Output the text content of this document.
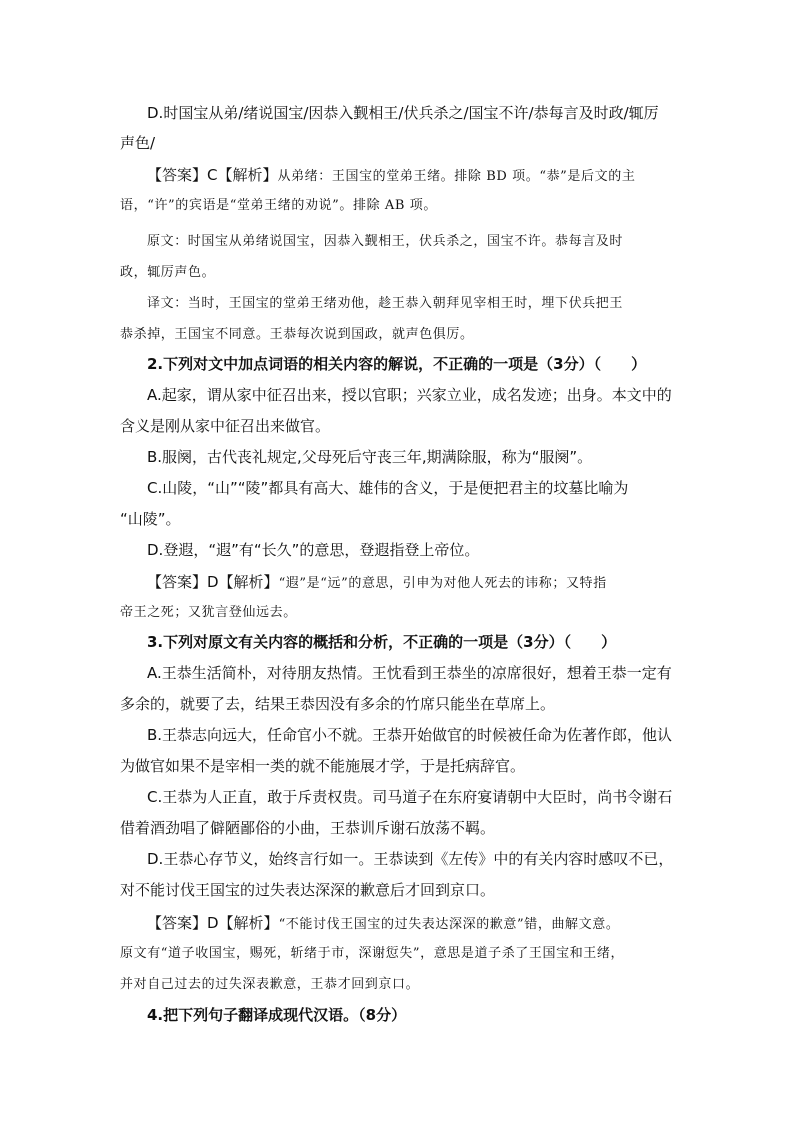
D.时国宝从弟/绪说国宝/因恭入觐相王/伏兵杀之/国宝不许/恭每言及时政/辄厉
声色/
【答案】C【解析】从弟绪：王国宝的堂弟王绪。排除 BD 项。“恭”是后文的主
语，“许”的宾语是“堂弟王绪的劝说”。排除 AB 项。
原文：时国宝从弟绪说国宝，因恭入觐相王，伏兵杀之，国宝不许。恭每言及时
政，辄厉声色。
译文：当时，王国宝的堂弟王绪劝他，趁王恭入朝拜见宰相王时，埋下伏兵把王
恭杀掉，王国宝不同意。王恭每次说到国政，就声色俱厉。
2.下列对文中加点词语的相关内容的解说，不正确的一项是（3分）（　　）
A.起家，谓从家中征召出来，授以官职；兴家立业，成名发迹；出身。本文中的
含义是刚从家中征召出来做官。
B.服阕，古代丧礼规定,父母死后守丧三年,期满除服，称为“服阕”。
C.山陵，“山”“陵”都具有高大、雄伟的含义，于是便把君主的坟墓比喻为
“山陵”。
D.登遐，“遐”有“长久”的意思，登遐指登上帝位。
【答案】D【解析】“遐”是“远”的意思，引申为对他人死去的讳称；又特指
帝王之死；又犹言登仙远去。
3.下列对原文有关内容的概括和分析，不正确的一项是（3分）（　　）
A.王恭生活简朴，对待朋友热情。王忱看到王恭坐的凉席很好，想着王恭一定有
多余的，就要了去，结果王恭因没有多余的竹席只能坐在草席上。
B.王恭志向远大，任命官小不就。王恭开始做官的时候被任命为佐著作郎，他认
为做官如果不是宰相一类的就不能施展才学，于是托病辞官。
C.王恭为人正直，敢于斥责权贵。司马道子在东府宴请朝中大臣时，尚书令谢石
借着酒劲唱了僻陋鄙俗的小曲，王恭训斥谢石放荡不羁。
D.王恭心存节义，始终言行如一。王恭读到《左传》中的有关内容时感叹不已，
对不能讨伐王国宝的过失表达深深的歉意后才回到京口。
【答案】D【解析】“不能讨伐王国宝的过失表达深深的歉意”错，曲解文意。
原文有“道子收国宝，赐死，斩绪于市，深谢愆失”，意思是道子杀了王国宝和王绪，
并对自己过去的过失深表歉意，王恭才回到京口。
4.把下列句子翻译成现代汉语。（8分）
